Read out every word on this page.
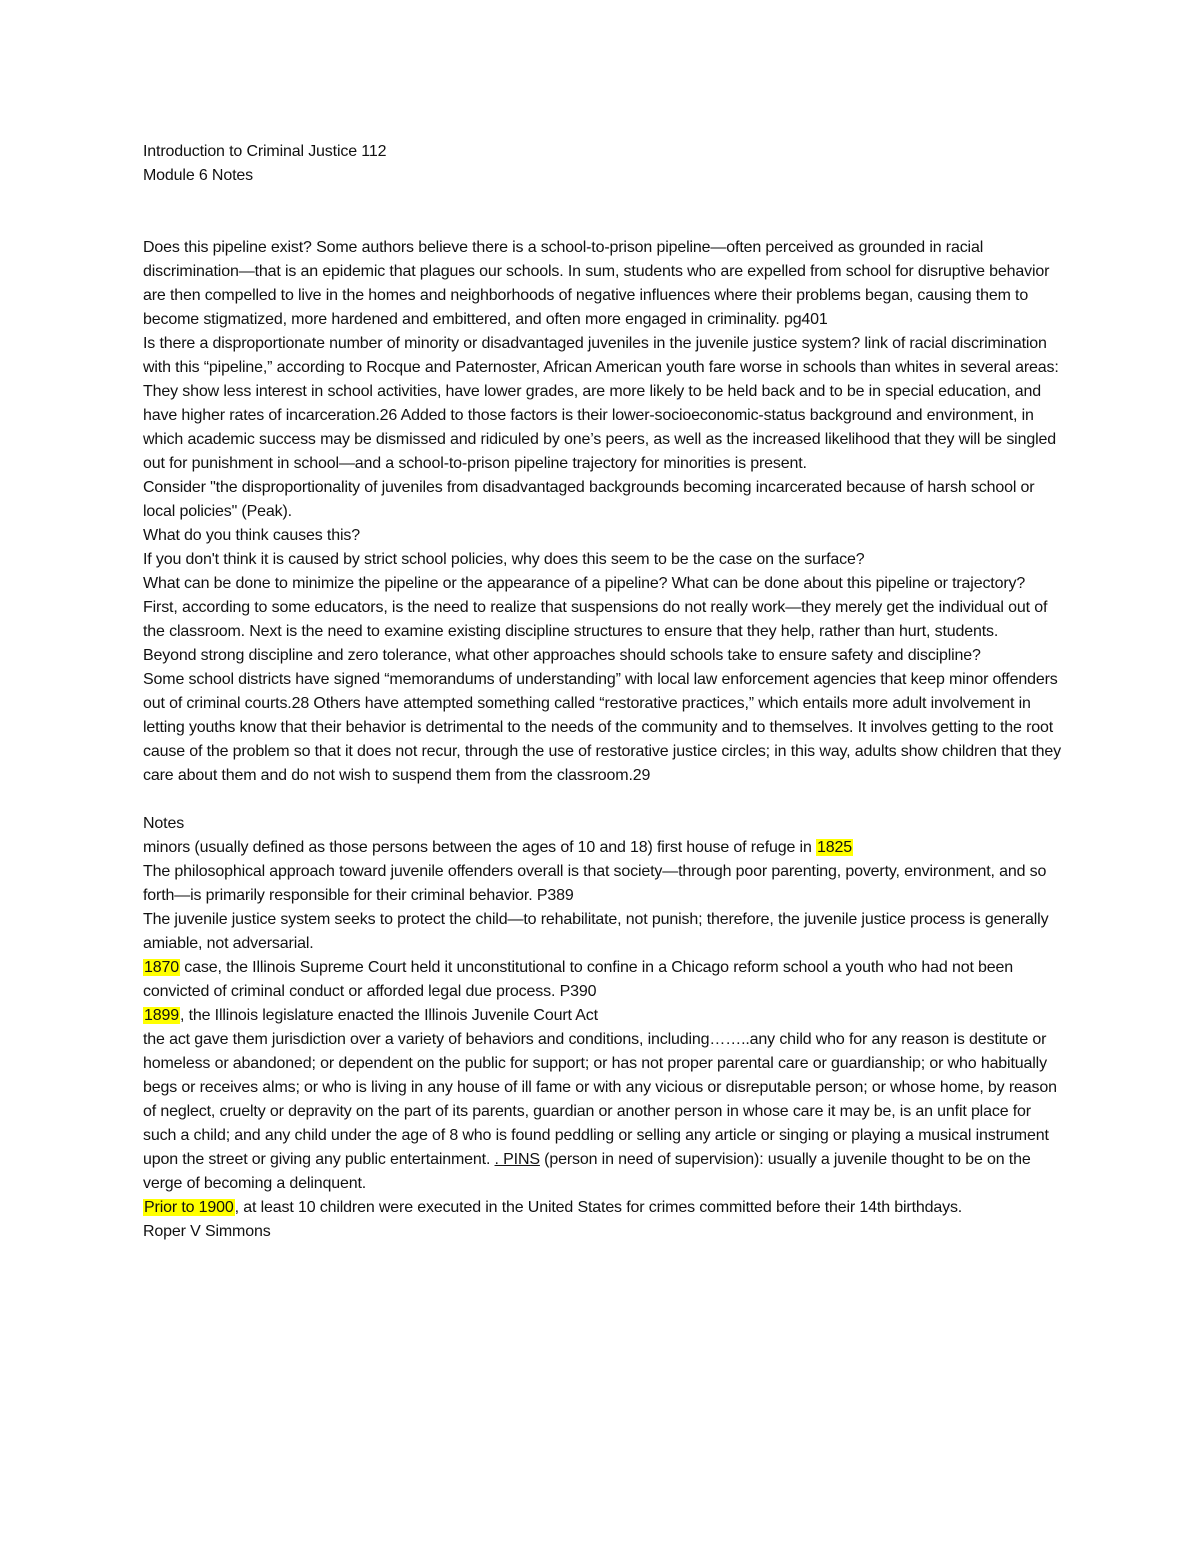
Introduction to Criminal Justice 112
Module 6 Notes

Does this pipeline exist? Some authors believe there is a school-to-prison pipeline—often perceived as grounded in racial discrimination—that is an epidemic that plagues our schools. In sum, students who are expelled from school for disruptive behavior are then compelled to live in the homes and neighborhoods of negative influences where their problems began, causing them to become stigmatized, more hardened and embittered, and often more engaged in criminality. pg401

Is there a disproportionate number of minority or disadvantaged juveniles in the juvenile justice system? link of racial discrimination with this “pipeline,” according to Rocque and Paternoster, African American youth fare worse in schools than whites in several areas: They show less interest in school activities, have lower grades, are more likely to be held back and to be in special education, and have higher rates of incarceration.26 Added to those factors is their lower-socioeconomic-status background and environment, in which academic success may be dismissed and ridiculed by one’s peers, as well as the increased likelihood that they will be singled out for punishment in school—and a school-to-prison pipeline trajectory for minorities is present.

Consider "the disproportionality of juveniles from disadvantaged backgrounds becoming incarcerated because of harsh school or local policies" (Peak).

What do you think causes this?

If you don't think it is caused by strict school policies, why does this seem to be the case on the surface?

What can be done to minimize the pipeline or the appearance of a pipeline? What can be done about this pipeline or trajectory? First, according to some educators, is the need to realize that suspensions do not really work—they merely get the individual out of the classroom. Next is the need to examine existing discipline structures to ensure that they help, rather than hurt, students.

Beyond strong discipline and zero tolerance, what other approaches should schools take to ensure safety and discipline?

Some school districts have signed “memorandums of understanding” with local law enforcement agencies that keep minor offenders out of criminal courts.28 Others have attempted something called “restorative practices,” which entails more adult involvement in letting youths know that their behavior is detrimental to the needs of the community and to themselves. It involves getting to the root cause of the problem so that it does not recur, through the use of restorative justice circles; in this way, adults show children that they care about them and do not wish to suspend them from the classroom.29

Notes

minors (usually defined as those persons between the ages of 10 and 18) first house of refuge in 1825

The philosophical approach toward juvenile offenders overall is that society—through poor parenting, poverty, environment, and so forth—is primarily responsible for their criminal behavior. P389

The juvenile justice system seeks to protect the child—to rehabilitate, not punish; therefore, the juvenile justice process is generally amiable, not adversarial.

1870 case, the Illinois Supreme Court held it unconstitutional to confine in a Chicago reform school a youth who had not been convicted of criminal conduct or afforded legal due process. P390

1899, the Illinois legislature enacted the Illinois Juvenile Court Act

the act gave them jurisdiction over a variety of behaviors and conditions, including……..any child who for any reason is destitute or homeless or abandoned; or dependent on the public for support; or has not proper parental care or guardianship; or who habitually begs or receives alms; or who is living in any house of ill fame or with any vicious or disreputable person; or whose home, by reason of neglect, cruelty or depravity on the part of its parents, guardian or another person in whose care it may be, is an unfit place for such a child; and any child under the age of 8 who is found peddling or selling any article or singing or playing a musical instrument upon the street or giving any public entertainment. . PINS (person in need of supervision): usually a juvenile thought to be on the verge of becoming a delinquent.

Prior to 1900, at least 10 children were executed in the United States for crimes committed before their 14th birthdays.

Roper V Simmons
